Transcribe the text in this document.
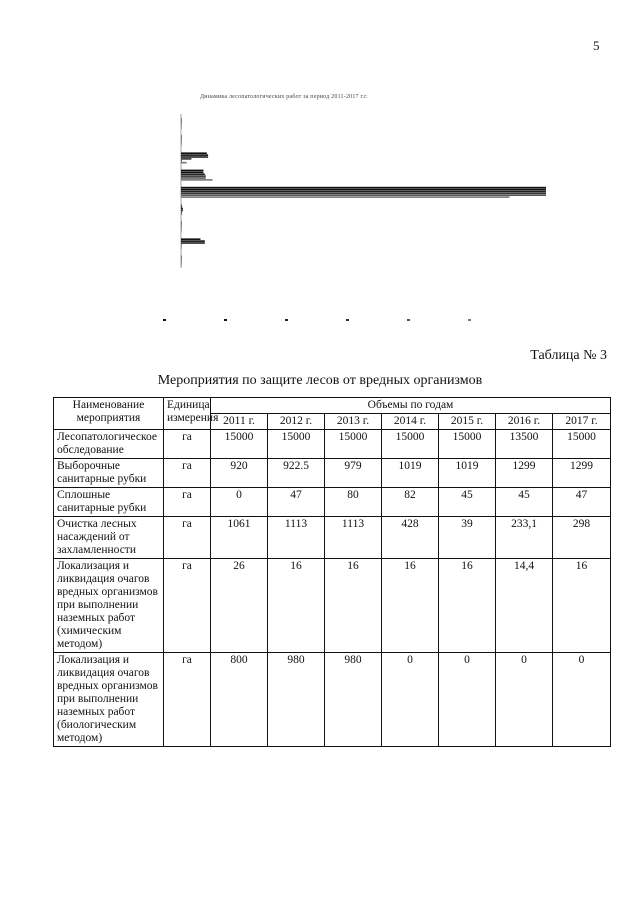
5
Динамика лесопатологических работ за период 2011-2017 г.г.
Таблица № 3
Мероприятия по защите лесов от вредных организмов
Наименование мероприятия	Единица измерения	Объемы по годам						
		2011 г.	2012 г.	2013 г.	2014 г.	2015 г.	2016 г.	2017 г.
Лесопатологическое обследование	га	15000	15000	15000	15000	15000	13500	15000
Выборочные санитарные рубки	га	920	922.5	979	1019	1019	1299	1299
Сплошные санитарные рубки	га	0	47	80	82	45	45	47
Очистка лесных насаждений от захламленности	га	1061	1113	1113	428	39	233,1	298
Локализация и ликвидация очагов вредных организмов при выполнении наземных работ (химическим методом)	га	26	16	16	16	16	14,4	16
Локализация и ликвидация очагов вредных организмов при выполнении наземных работ (биологическим методом)	га	800	980	980	0	0	0	0
